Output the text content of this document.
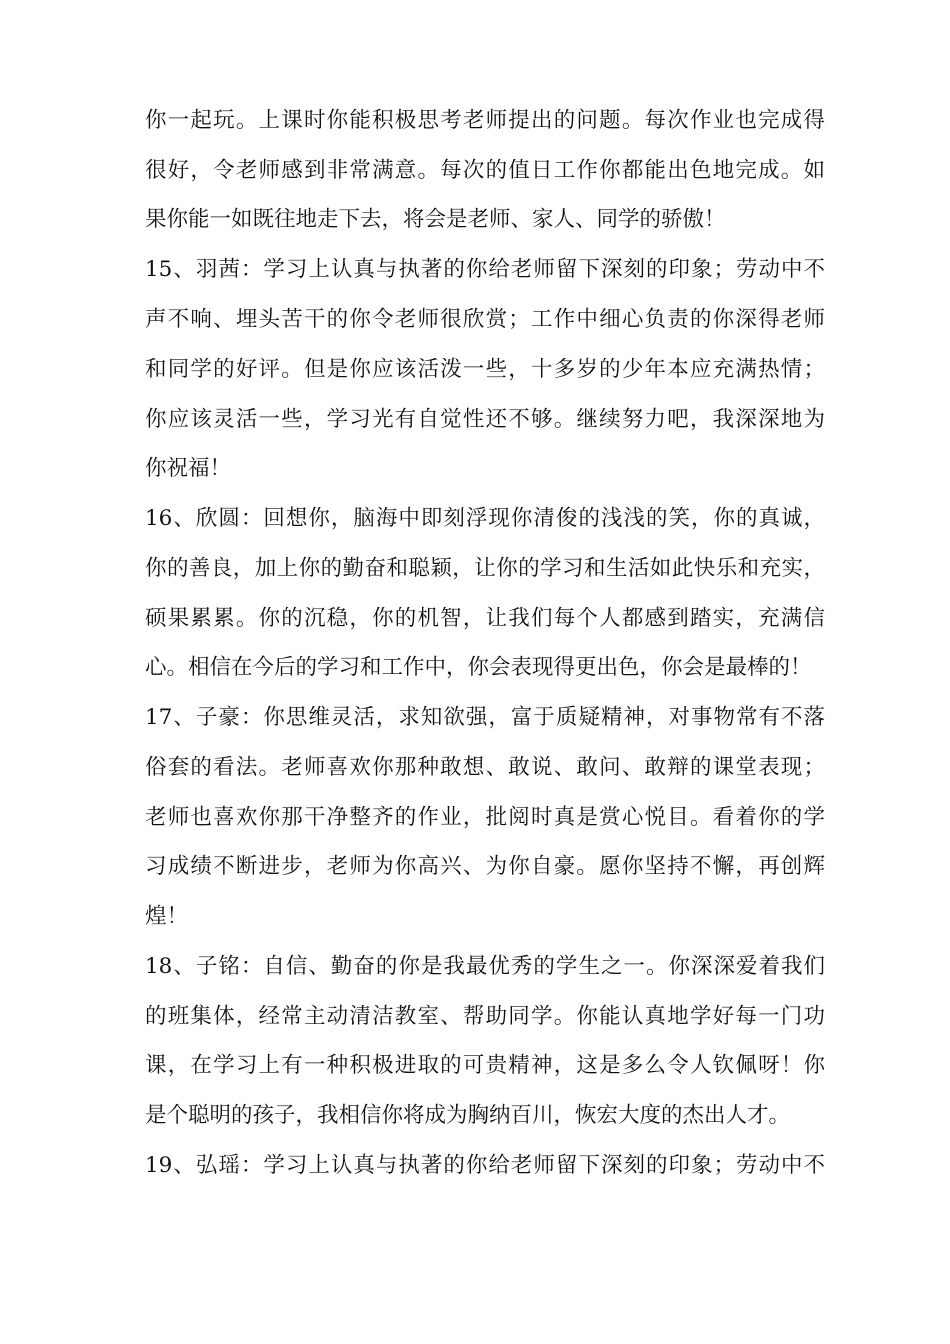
你一起玩。上课时你能积极思考老师提出的问题。每次作业也完成得
很好，令老师感到非常满意。每次的值日工作你都能出色地完成。如
果你能一如既往地走下去，将会是老师、家人、同学的骄傲！
15、羽茜：学习上认真与执著的你给老师留下深刻的印象；劳动中不
声不响、埋头苦干的你令老师很欣赏；工作中细心负责的你深得老师
和同学的好评。但是你应该活泼一些，十多岁的少年本应充满热情；
你应该灵活一些，学习光有自觉性还不够。继续努力吧，我深深地为
你祝福！
16、欣圆：回想你，脑海中即刻浮现你清俊的浅浅的笑，你的真诚，
你的善良，加上你的勤奋和聪颖，让你的学习和生活如此快乐和充实，
硕果累累。你的沉稳，你的机智，让我们每个人都感到踏实，充满信
心。相信在今后的学习和工作中，你会表现得更出色，你会是最棒的！
17、子豪：你思维灵活，求知欲强，富于质疑精神，对事物常有不落
俗套的看法。老师喜欢你那种敢想、敢说、敢问、敢辩的课堂表现；
老师也喜欢你那干净整齐的作业，批阅时真是赏心悦目。看着你的学
习成绩不断进步，老师为你高兴、为你自豪。愿你坚持不懈，再创辉
煌！
18、子铭：自信、勤奋的你是我最优秀的学生之一。你深深爱着我们
的班集体，经常主动清洁教室、帮助同学。你能认真地学好每一门功
课，在学习上有一种积极进取的可贵精神，这是多么令人钦佩呀！你
是个聪明的孩子，我相信你将成为胸纳百川，恢宏大度的杰出人才。
19、弘瑶：学习上认真与执著的你给老师留下深刻的印象；劳动中不
